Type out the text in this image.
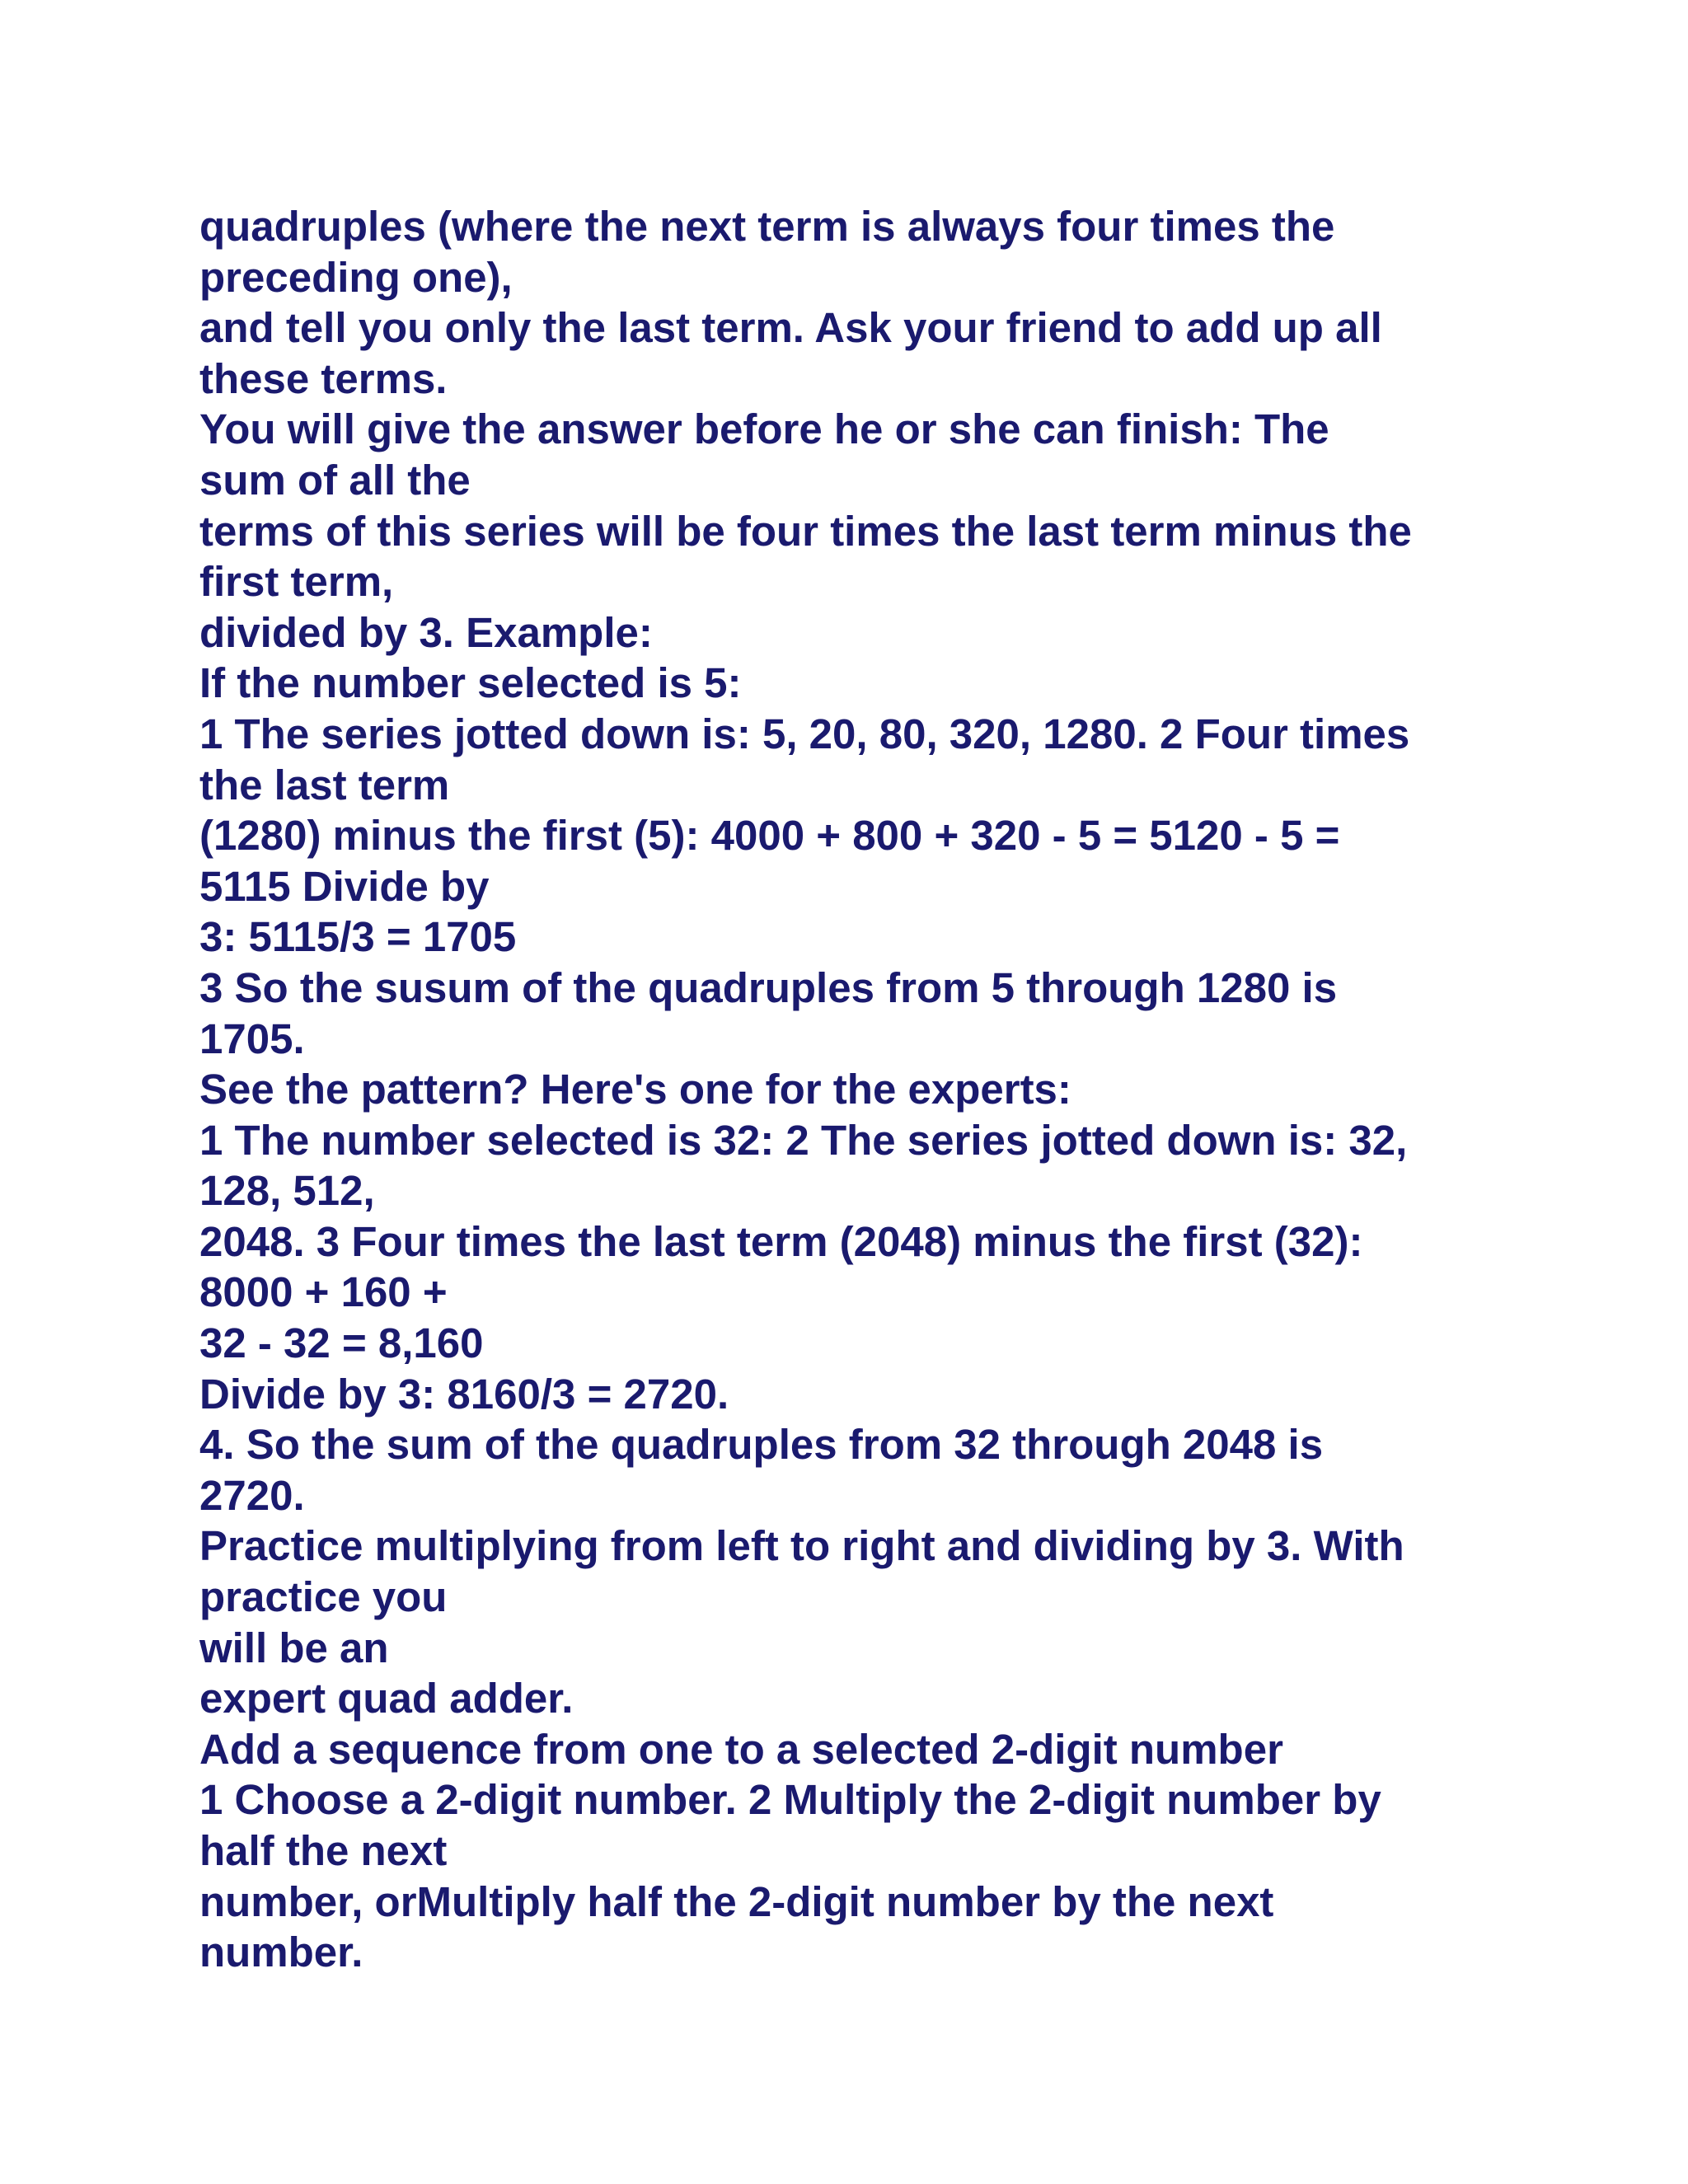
quadruples (where the next term is always four times the
preceding one),
and tell you only the last term. Ask your friend to add up all
these terms.
You will give the answer before he or she can finish: The
sum of all the
terms of this series will be four times the last term minus the
first term,
divided by 3. Example:
If the number selected is 5:
1 The series jotted down is: 5, 20, 80, 320, 1280. 2 Four times
the last term
(1280) minus the first (5): 4000 + 800 + 320 - 5 = 5120 - 5 =
5115 Divide by
3: 5115/3 = 1705
3 So the susum of the quadruples from 5 through 1280 is
1705.
See the pattern? Here's one for the experts:
1 The number selected is 32: 2 The series jotted down is: 32,
128, 512,
2048. 3 Four times the last term (2048) minus the first (32):
8000 + 160 +
32 - 32 = 8,160
Divide by 3: 8160/3 = 2720.
4. So the sum of the quadruples from 32 through 2048 is
2720.
Practice multiplying from left to right and dividing by 3. With
practice you
will be an
expert quad adder.
Add a sequence from one to a selected 2-digit number
1 Choose a 2-digit number. 2 Multiply the 2-digit number by
half the next
number, orMultiply half the 2-digit number by the next
number.
